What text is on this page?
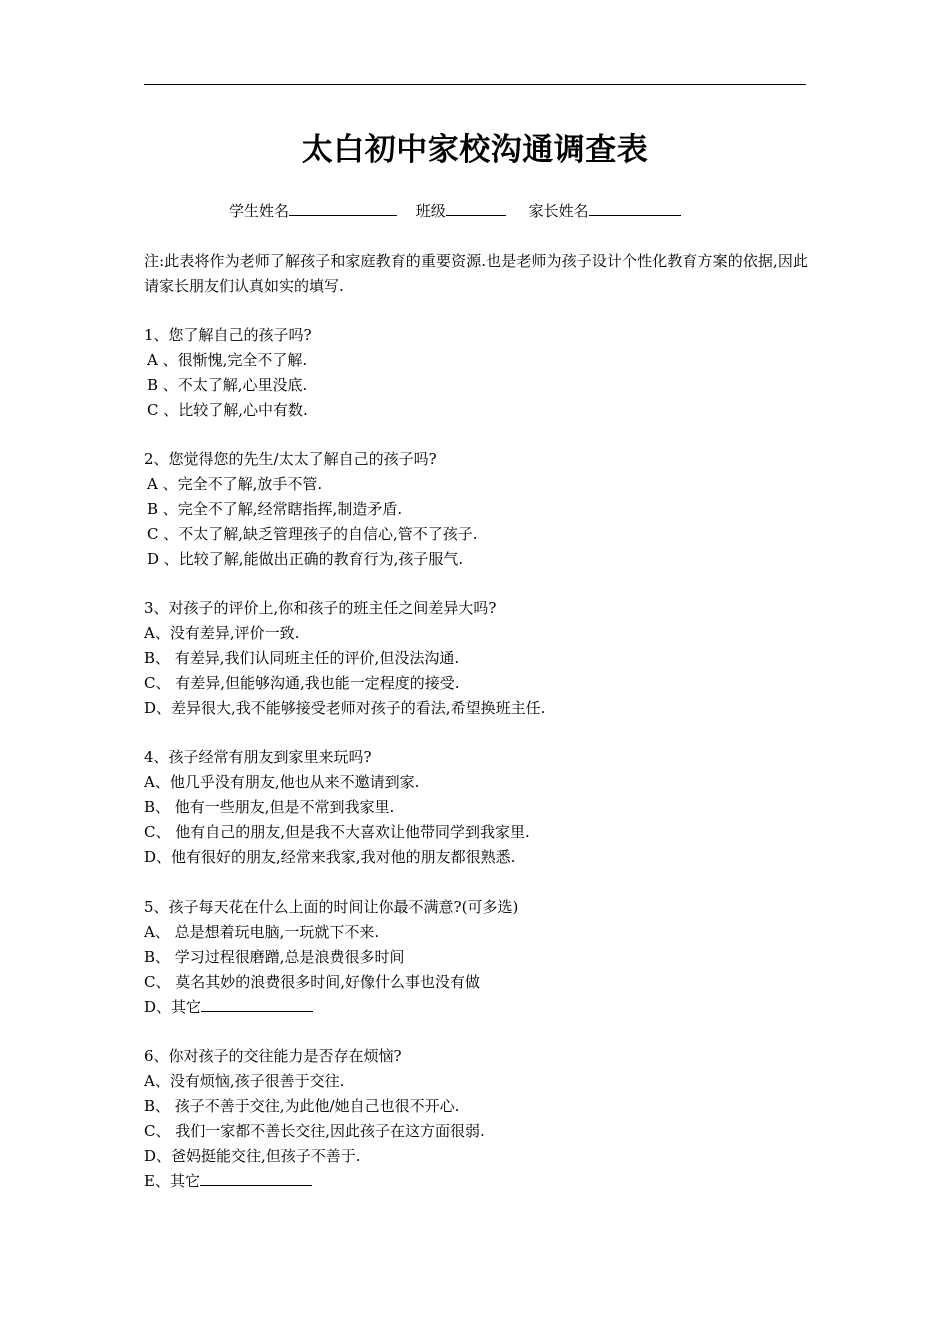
太白初中家校沟通调查表
学生姓名	班级	家长姓名
注:此表将作为老师了解孩子和家庭教育的重要资源.也是老师为孩子设计个性化教育方案的依据,因此请家长朋友们认真如实的填写.
1、您了解自己的孩子吗?
A 、很惭愧,完全不了解.
B 、不太了解,心里没底.
C 、比较了解,心中有数.
2、您觉得您的先生/太太了解自己的孩子吗?
A 、完全不了解,放手不管.
B 、完全不了解,经常瞎指挥,制造矛盾.
C 、不太了解,缺乏管理孩子的自信心,管不了孩子.
D 、比较了解,能做出正确的教育行为,孩子服气.
3、对孩子的评价上,你和孩子的班主任之间差异大吗?
A、没有差异,评价一致.
B、 有差异,我们认同班主任的评价,但没法沟通.
C、 有差异,但能够沟通,我也能一定程度的接受.
D、差异很大,我不能够接受老师对孩子的看法,希望换班主任.
4、孩子经常有朋友到家里来玩吗?
A、他几乎没有朋友,他也从来不邀请到家.
B、 他有一些朋友,但是不常到我家里.
C、 他有自己的朋友,但是我不大喜欢让他带同学到我家里.
D、他有很好的朋友,经常来我家,我对他的朋友都很熟悉.
5、孩子每天花在什么上面的时间让你最不满意?(可多选)
A、 总是想着玩电脑,一玩就下不来.
B、 学习过程很磨蹭,总是浪费很多时间
C、 莫名其妙的浪费很多时间,好像什么事也没有做
D、其它
6、你对孩子的交往能力是否存在烦恼?
A、没有烦恼,孩子很善于交往.
B、 孩子不善于交往,为此他/她自己也很不开心.
C、 我们一家都不善长交往,因此孩子在这方面很弱.
D、爸妈挺能交往,但孩子不善于.
E、其它
